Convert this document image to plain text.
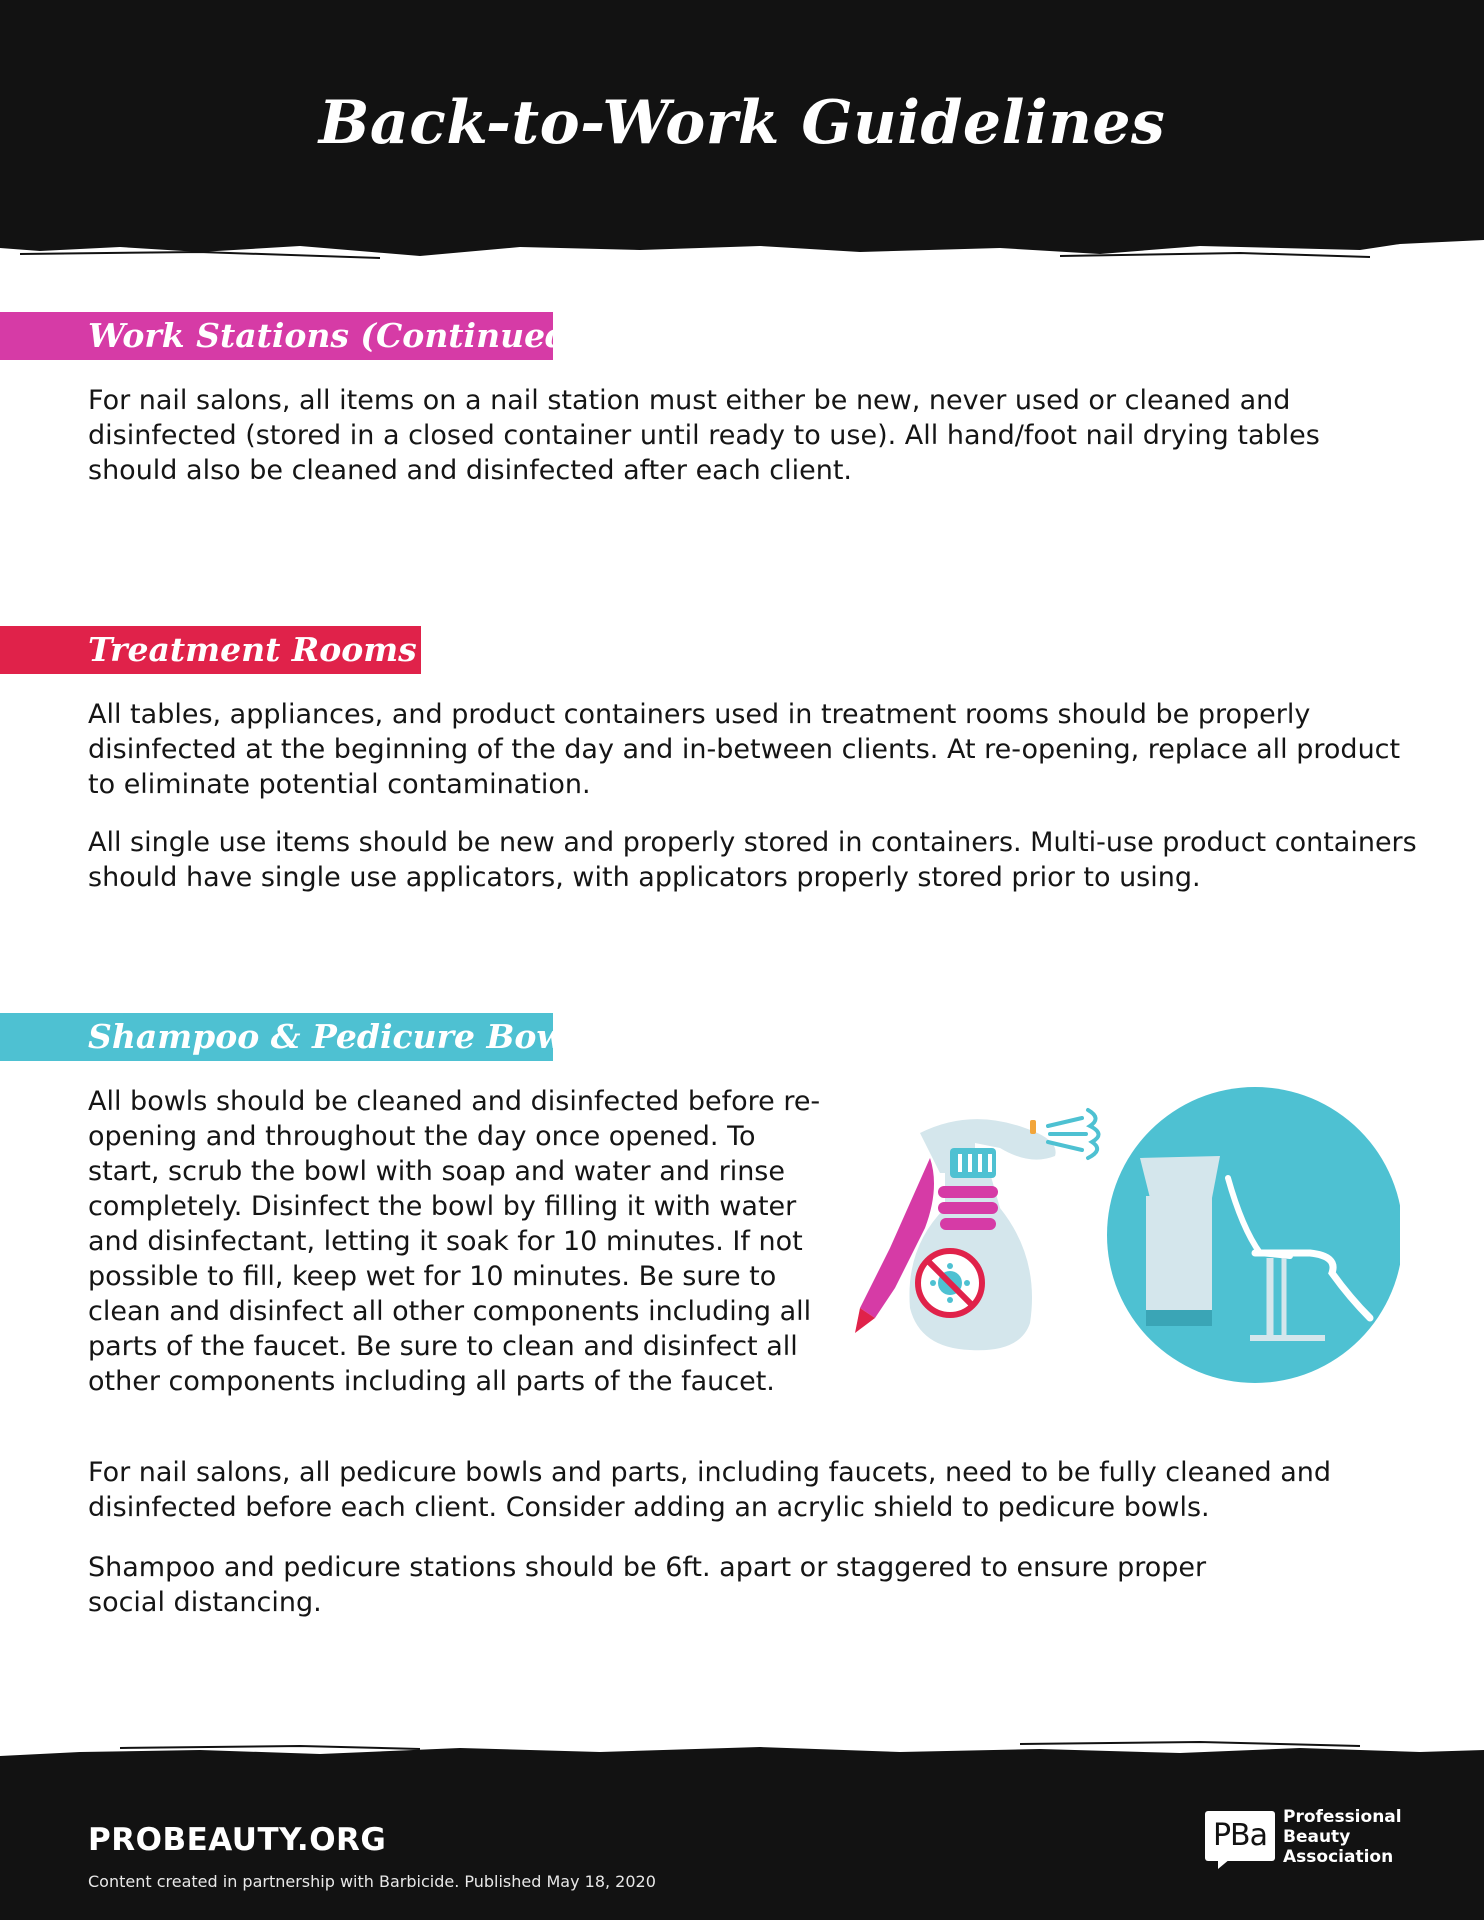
Back-to-Work Guidelines
Work Stations (Continued)

For nail salons, all items on a nail station must either be new, never used or cleaned and disinfected (stored in a closed container until ready to use). All hand/foot nail drying tables should also be cleaned and disinfected after each client.

Treatment Rooms

All tables, appliances, and product containers used in treatment rooms should be properly disinfected at the beginning of the day and in-between clients. At re-opening, replace all product to eliminate potential contamination.

All single use items should be new and properly stored in containers. Multi-use product containers should have single use applicators, with applicators properly stored prior to using.

Shampoo & Pedicure Bowls

All bowls should be cleaned and disinfected before re-opening and throughout the day once opened. To start, scrub the bowl with soap and water and rinse completely. Disinfect the bowl by filling it with water and disinfectant, letting it soak for 10 minutes. If not possible to fill, keep wet for 10 minutes. Be sure to clean and disinfect all other components including all parts of the faucet. Be sure to clean and disinfect all other components including all parts of the faucet.

For nail salons, all pedicure bowls and parts, including faucets, need to be fully cleaned and disinfected before each client. Consider adding an acrylic shield to pedicure bowls.

Shampoo and pedicure stations should be 6ft. apart or staggered to ensure proper social distancing.

PROBEAUTY.ORG
Content created in partnership with Barbicide. Published May 18, 2020
PBa
Professional
Beauty
Association
